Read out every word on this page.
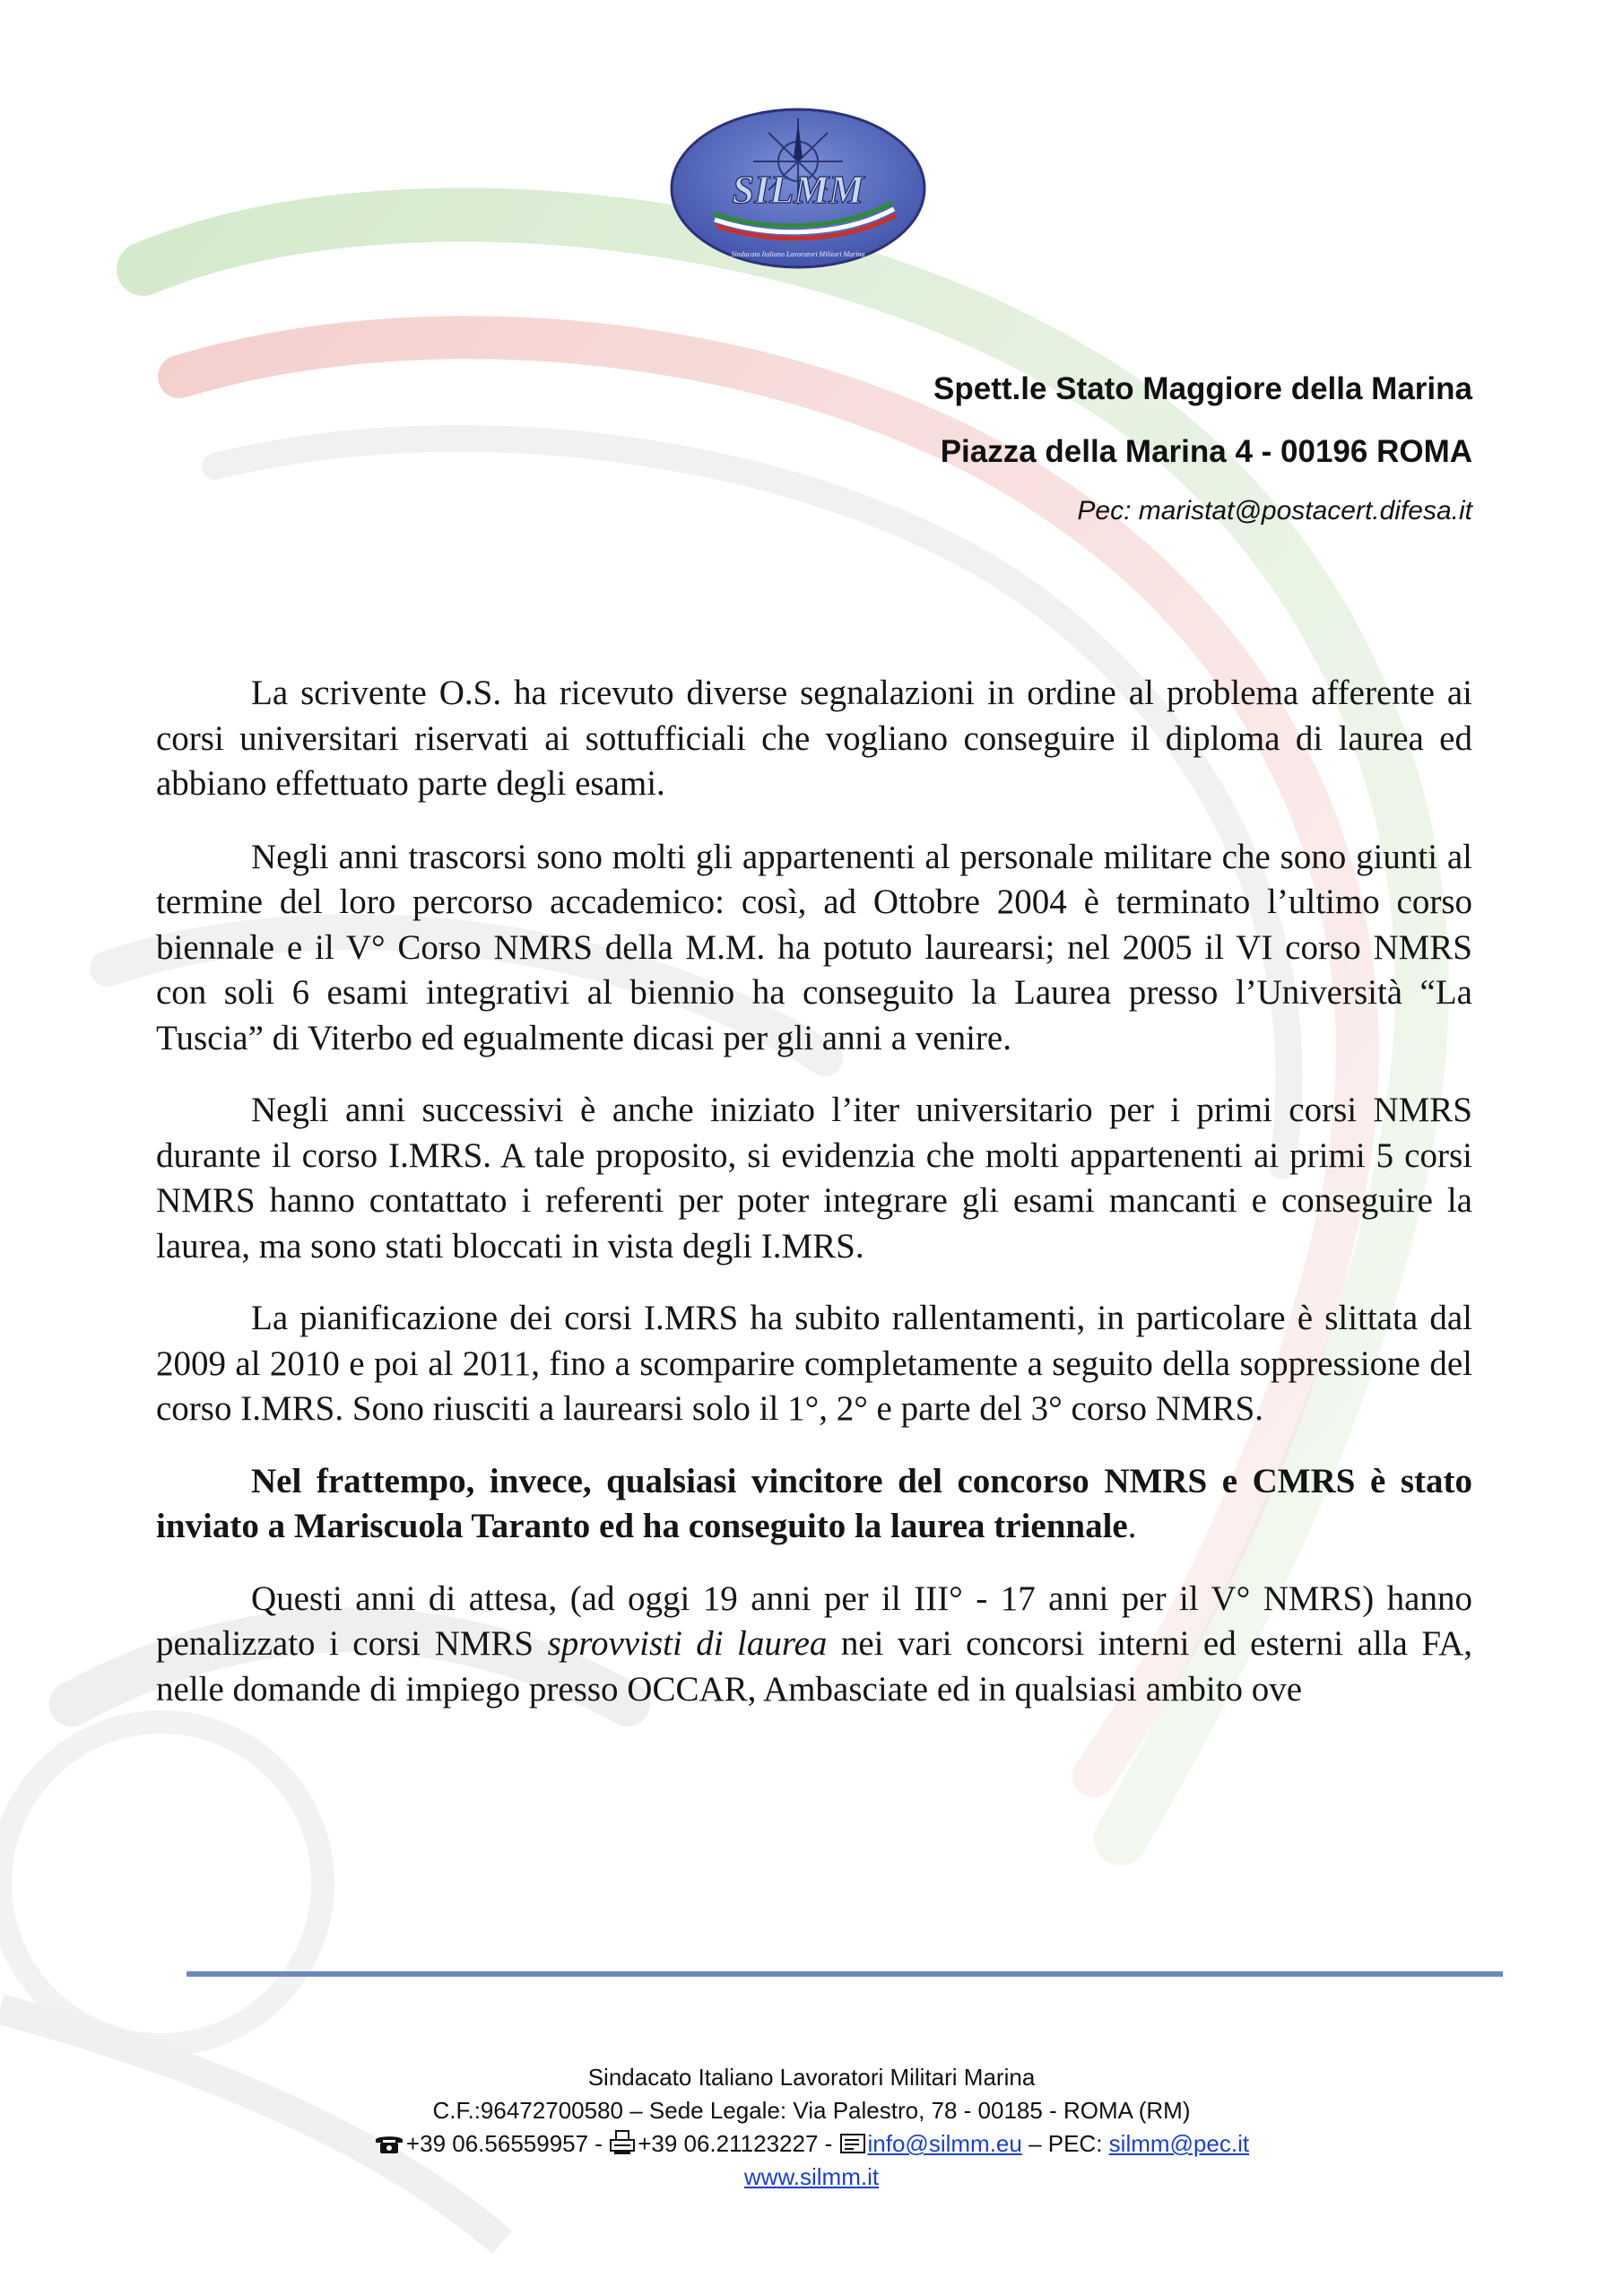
SILMM
Sindacato Italiano Lavoratori Militari Marina
Spett.le Stato Maggiore della Marina
Piazza della Marina 4 - 00196 ROMA
Pec: maristat@postacert.difesa.it

La scrivente O.S. ha ricevuto diverse segnalazioni in ordine al problema afferente ai corsi universitari riservati ai sottufficiali che vogliano conseguire il diploma di laurea ed abbiano effettuato parte degli esami.

Negli anni trascorsi sono molti gli appartenenti al personale militare che sono giunti al termine del loro percorso accademico: così, ad Ottobre 2004 è terminato l’ultimo corso biennale e il V° Corso NMRS della M.M. ha potuto laurearsi; nel 2005 il VI corso NMRS con soli 6 esami integrativi al biennio ha conseguito la Laurea presso l’Università “La Tuscia” di Viterbo ed egualmente dicasi per gli anni a venire.

Negli anni successivi è anche iniziato l’iter universitario per i primi corsi NMRS durante il corso I.MRS. A tale proposito, si evidenzia che molti appartenenti ai primi 5 corsi NMRS hanno contattato i referenti per poter integrare gli esami mancanti e conseguire la laurea, ma sono stati bloccati in vista degli I.MRS.

La pianificazione dei corsi I.MRS ha subito rallentamenti, in particolare è slittata dal 2009 al 2010 e poi al 2011, fino a scomparire completamente a seguito della soppressione del corso I.MRS. Sono riusciti a laurearsi solo il 1°, 2° e parte del 3° corso NMRS.

Nel frattempo, invece, qualsiasi vincitore del concorso NMRS e CMRS è stato inviato a Mariscuola Taranto ed ha conseguito la laurea triennale.

Questi anni di attesa, (ad oggi 19 anni per il III° - 17 anni per il V° NMRS) hanno penalizzato i corsi NMRS sprovvisti di laurea nei vari concorsi interni ed esterni alla FA, nelle domande di impiego presso OCCAR, Ambasciate ed in qualsiasi ambito ove

Sindacato Italiano Lavoratori Militari Marina
C.F.:96472700580 – Sede Legale: Via Palestro, 78 - 00185 - ROMA (RM)
+39 06.56559957 - +39 06.21123227 - info@silmm.eu – PEC: silmm@pec.it
www.silmm.it
